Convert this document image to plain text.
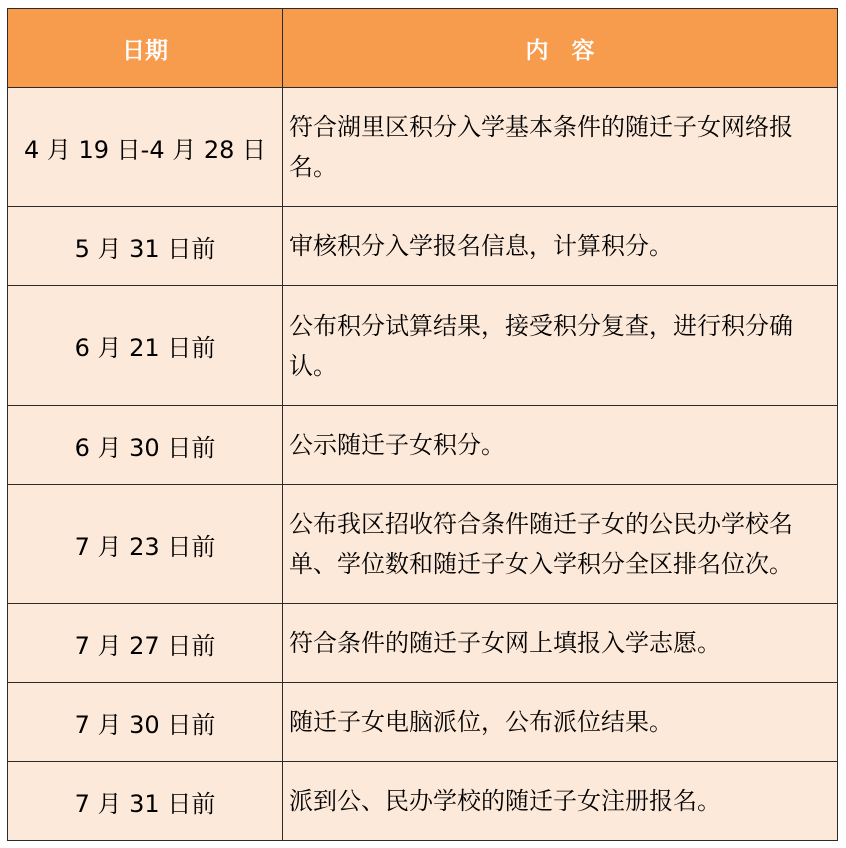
日期	内　容
4 月 19 日-4 月 28 日	符合湖里区积分入学基本条件的随迁子女网络报名。
5 月 31 日前	审核积分入学报名信息，计算积分。
6 月 21 日前	公布积分试算结果，接受积分复查，进行积分确认。
6 月 30 日前	公示随迁子女积分。
7 月 23 日前	公布我区招收符合条件随迁子女的公民办学校名单、学位数和随迁子女入学积分全区排名位次。
7 月 27 日前	符合条件的随迁子女网上填报入学志愿。
7 月 30 日前	随迁子女电脑派位，公布派位结果。
7 月 31 日前	派到公、民办学校的随迁子女注册报名。
